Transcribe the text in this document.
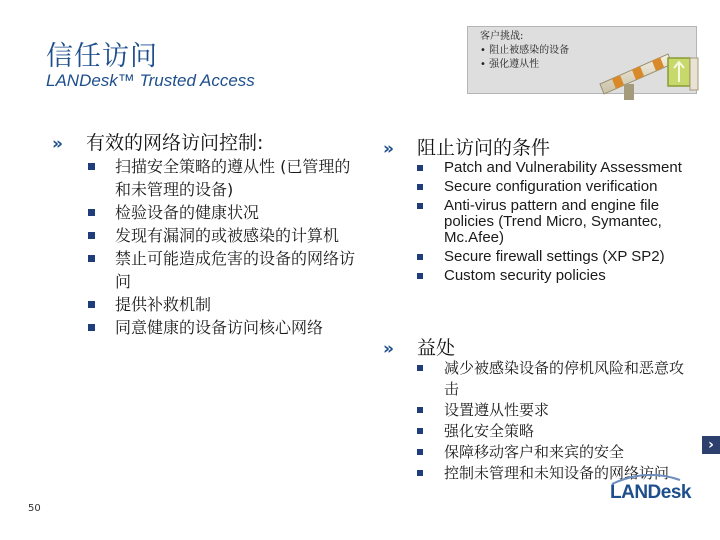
信任访问
LANDesk™ Trusted Access
客户挑战:
• 阻止被感染的设备
• 强化遵从性
» 有效的网络访问控制:
扫描安全策略的遵从性 (已管理的和未管理的设备)
检验设备的健康状况
发现有漏洞的或被感染的计算机
禁止可能造成危害的设备的网络访问
提供补救机制
同意健康的设备访问核心网络
» 阻止访问的条件
Patch and Vulnerability Assessment
Secure configuration verification
Anti-virus pattern and engine file policies (Trend Micro, Symantec, Mc.Afee)
Secure firewall settings (XP SP2)
Custom security policies
» 益处
减少被感染设备的停机风险和恶意攻击
设置遵从性要求
强化安全策略
保障移动客户和来宾的安全
控制未管理和未知设备的网络访问
50
LANDesk
›
